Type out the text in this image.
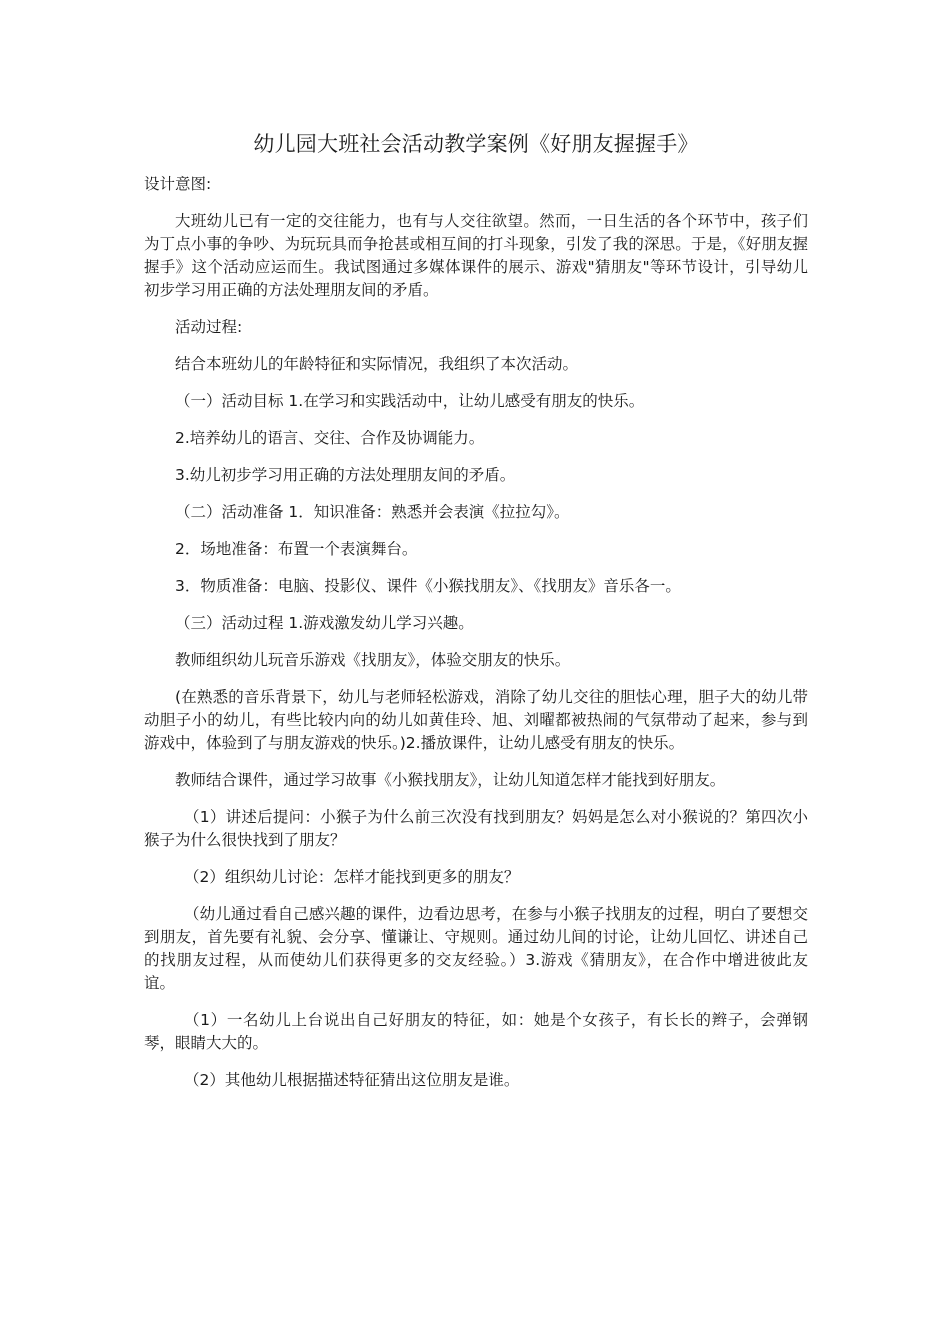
幼儿园大班社会活动教学案例《好朋友握握手》

设计意图:

大班幼儿已有一定的交往能力，也有与人交往欲望。然而，一日生活的各个环节中，孩子们为丁点小事的争吵、为玩玩具而争抢甚或相互间的打斗现象，引发了我的深思。于是，《好朋友握握手》这个活动应运而生。我试图通过多媒体课件的展示、游戏"猜朋友"等环节设计，引导幼儿初步学习用正确的方法处理朋友间的矛盾。

活动过程:

结合本班幼儿的年龄特征和实际情况，我组织了本次活动。

（一）活动目标 1.在学习和实践活动中，让幼儿感受有朋友的快乐。

2.培养幼儿的语言、交往、合作及协调能力。

3.幼儿初步学习用正确的方法处理朋友间的矛盾。

（二）活动准备 1．知识准备：熟悉并会表演《拉拉勾》。

2．场地准备：布置一个表演舞台。

3．物质准备：电脑、投影仪、课件《小猴找朋友》、《找朋友》音乐各一。

（三）活动过程 1.游戏激发幼儿学习兴趣。

教师组织幼儿玩音乐游戏《找朋友》，体验交朋友的快乐。

(在熟悉的音乐背景下，幼儿与老师轻松游戏，消除了幼儿交往的胆怯心理，胆子大的幼儿带动胆子小的幼儿，有些比较内向的幼儿如黄佳玲、旭、刘曜都被热闹的气氛带动了起来，参与到游戏中，体验到了与朋友游戏的快乐。)2.播放课件，让幼儿感受有朋友的快乐。

教师结合课件，通过学习故事《小猴找朋友》，让幼儿知道怎样才能找到好朋友。

（1）讲述后提问：小猴子为什么前三次没有找到朋友？妈妈是怎么对小猴说的？第四次小猴子为什么很快找到了朋友？

（2）组织幼儿讨论：怎样才能找到更多的朋友？

（幼儿通过看自己感兴趣的课件，边看边思考，在参与小猴子找朋友的过程，明白了要想交到朋友，首先要有礼貌、会分享、懂谦让、守规则。通过幼儿间的讨论，让幼儿回忆、讲述自己的找朋友过程，从而使幼儿们获得更多的交友经验。）3.游戏《猜朋友》，在合作中增进彼此友谊。

（1）一名幼儿上台说出自己好朋友的特征，如：她是个女孩子，有长长的辫子，会弹钢琴，眼睛大大的。

（2）其他幼儿根据描述特征猜出这位朋友是谁。
